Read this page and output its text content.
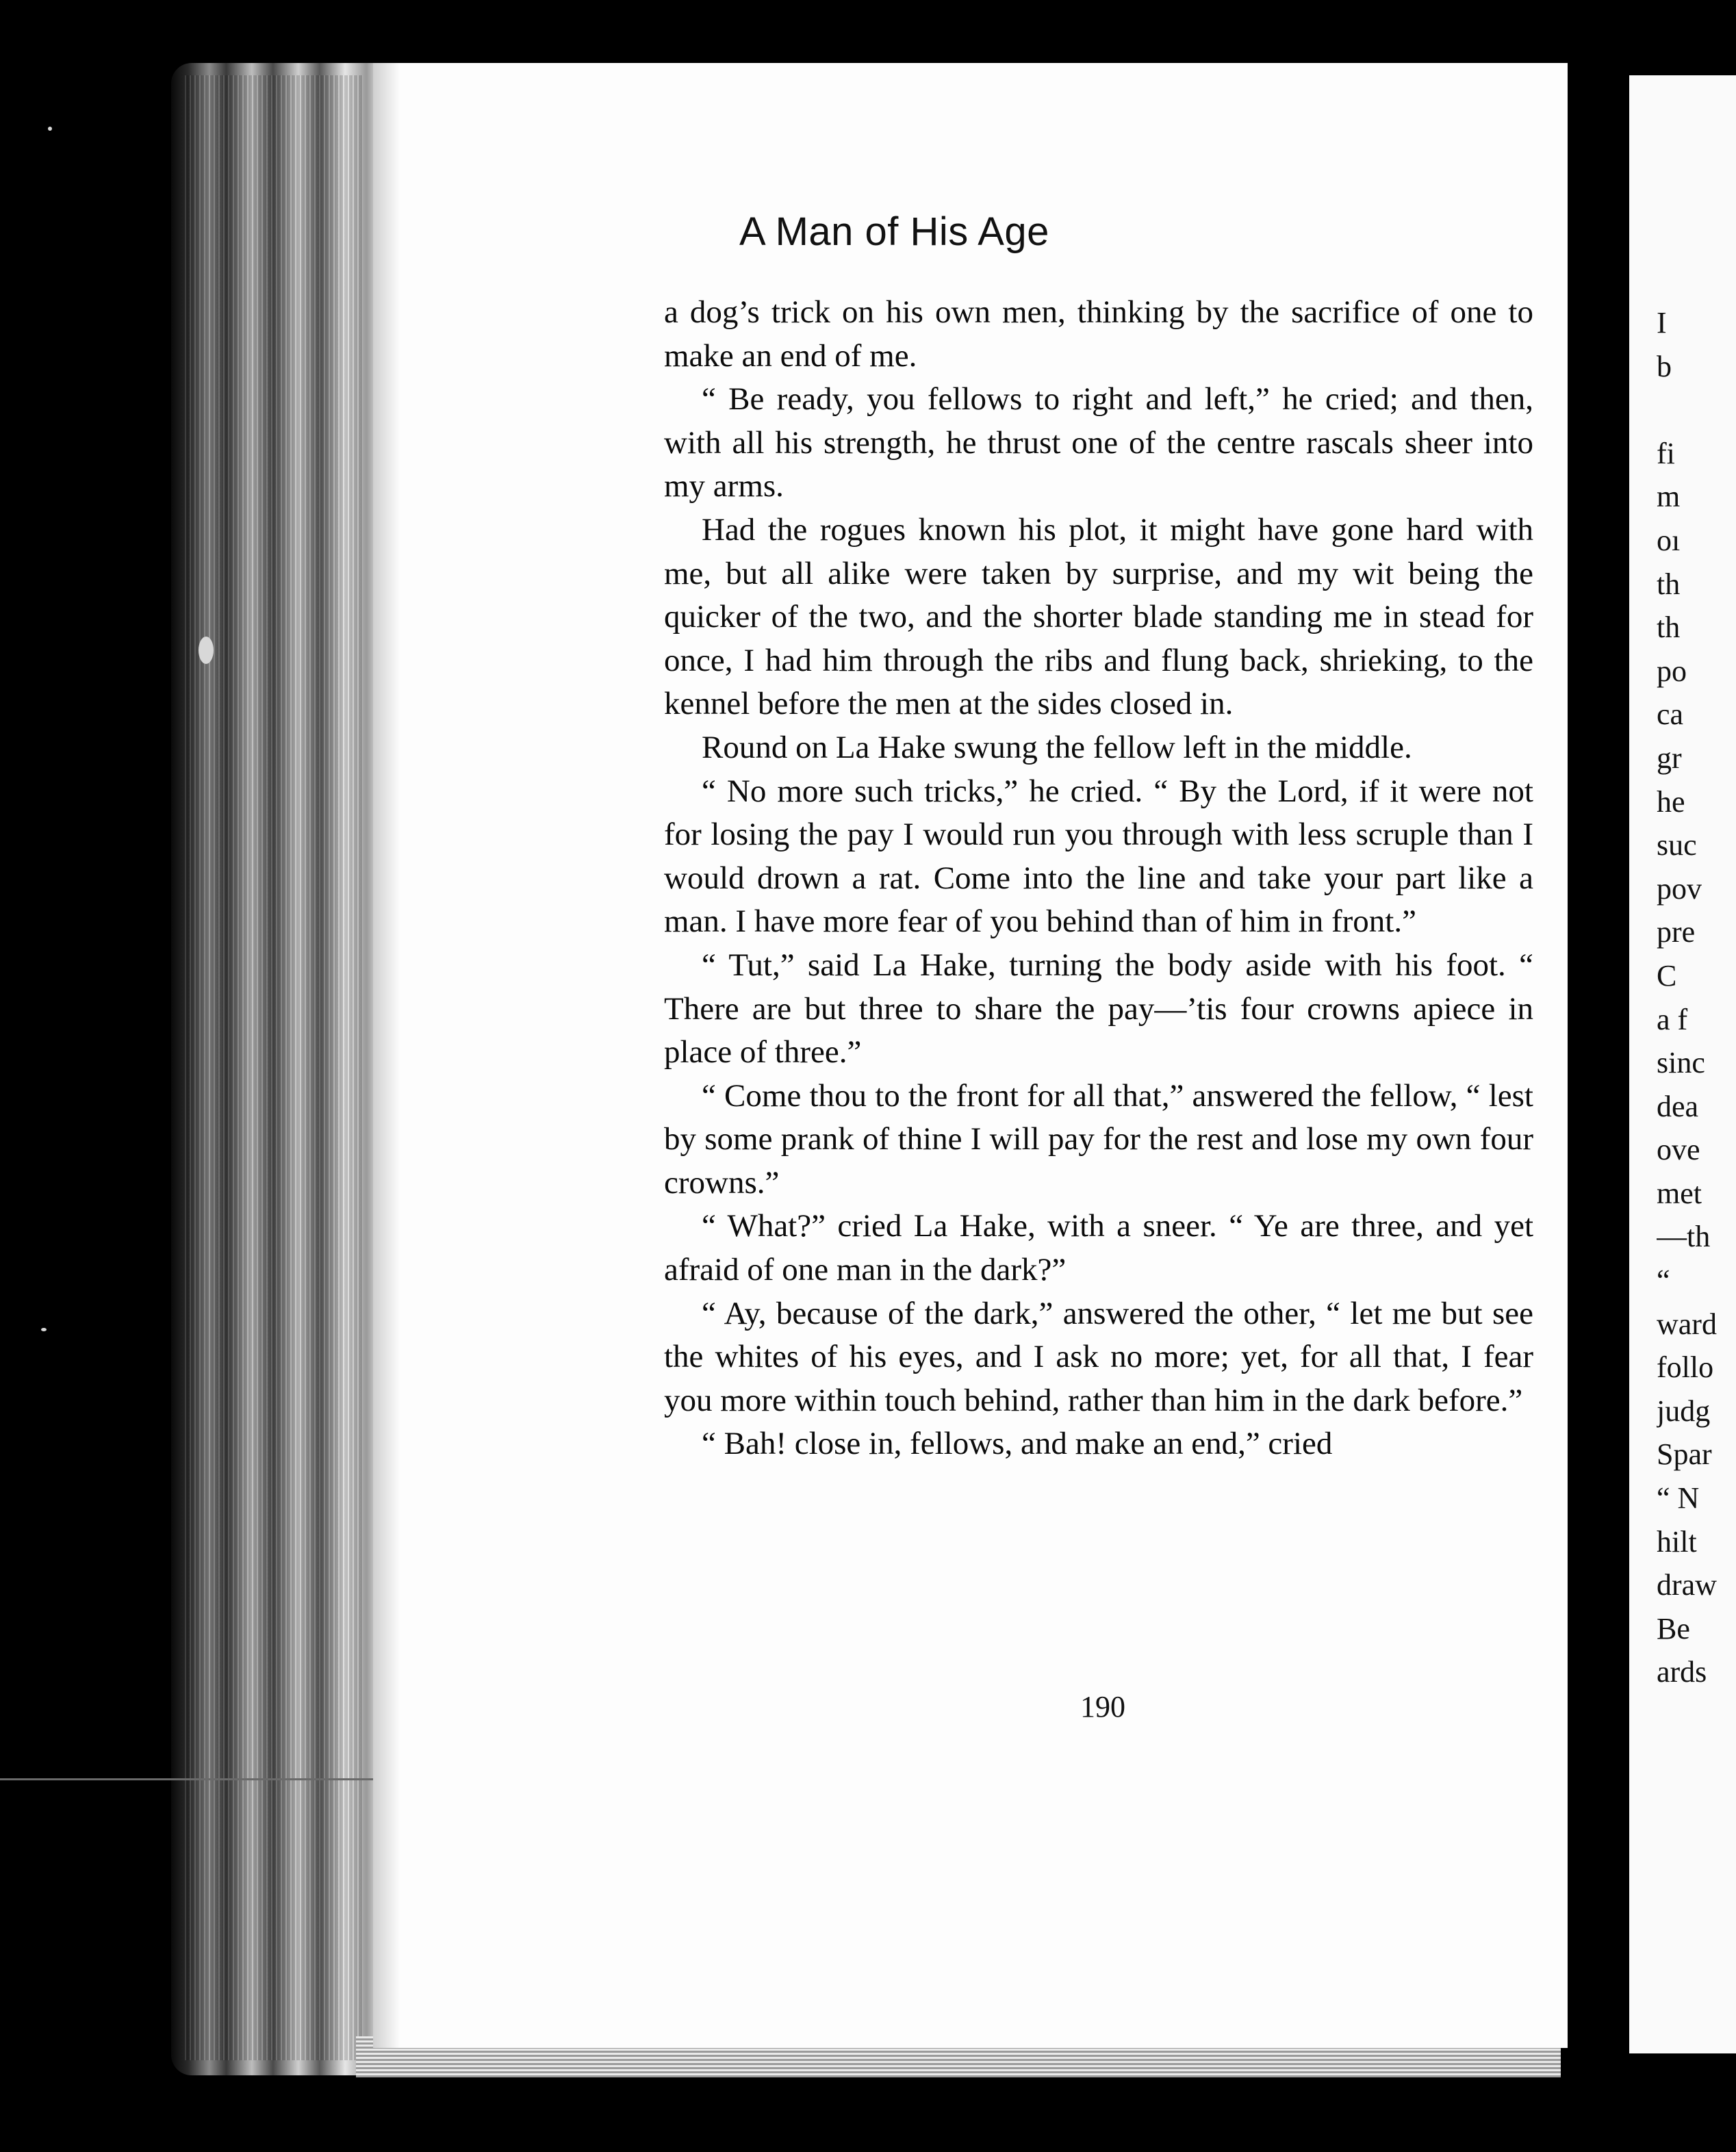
A Man of His Age

a dog’s trick on his own men, thinking by the sacrifice of one to make an end of me.

“ Be ready, you fellows to right and left,” he cried; and then, with all his strength, he thrust one of the centre rascals sheer into my arms.

Had the rogues known his plot, it might have gone hard with me, but all alike were taken by surprise, and my wit being the quicker of the two, and the shorter blade standing me in stead for once, I had him through the ribs and flung back, shrieking, to the kennel before the men at the sides closed in.

Round on La Hake swung the fellow left in the middle.

“ No more such tricks,” he cried. “ By the Lord, if it were not for losing the pay I would run you through with less scruple than I would drown a rat. Come into the line and take your part like a man. I have more fear of you behind than of him in front.”

“ Tut,” said La Hake, turning the body aside with his foot. “ There are but three to share the pay—’tis four crowns apiece in place of three.”

“ Come thou to the front for all that,” answered the fellow, “ lest by some prank of thine I will pay for the rest and lose my own four crowns.”

“ What?” cried La Hake, with a sneer. “ Ye are three, and yet afraid of one man in the dark?”

“ Ay, because of the dark,” answered the other, “ let me but see the whites of his eyes, and I ask no more; yet, for all that, I fear you more within touch behind, rather than him in the dark before.”

“ Bah! close in, fellows, and make an end,” cried

190
I
b
fi
m
oı
th
th
po
ca
gr
he
suc
pov
pre
C
a f
sinc
dea
ove
met
—th
“
ward
follo
judg
Spar
“ N
hilt
draw
Be
ards
